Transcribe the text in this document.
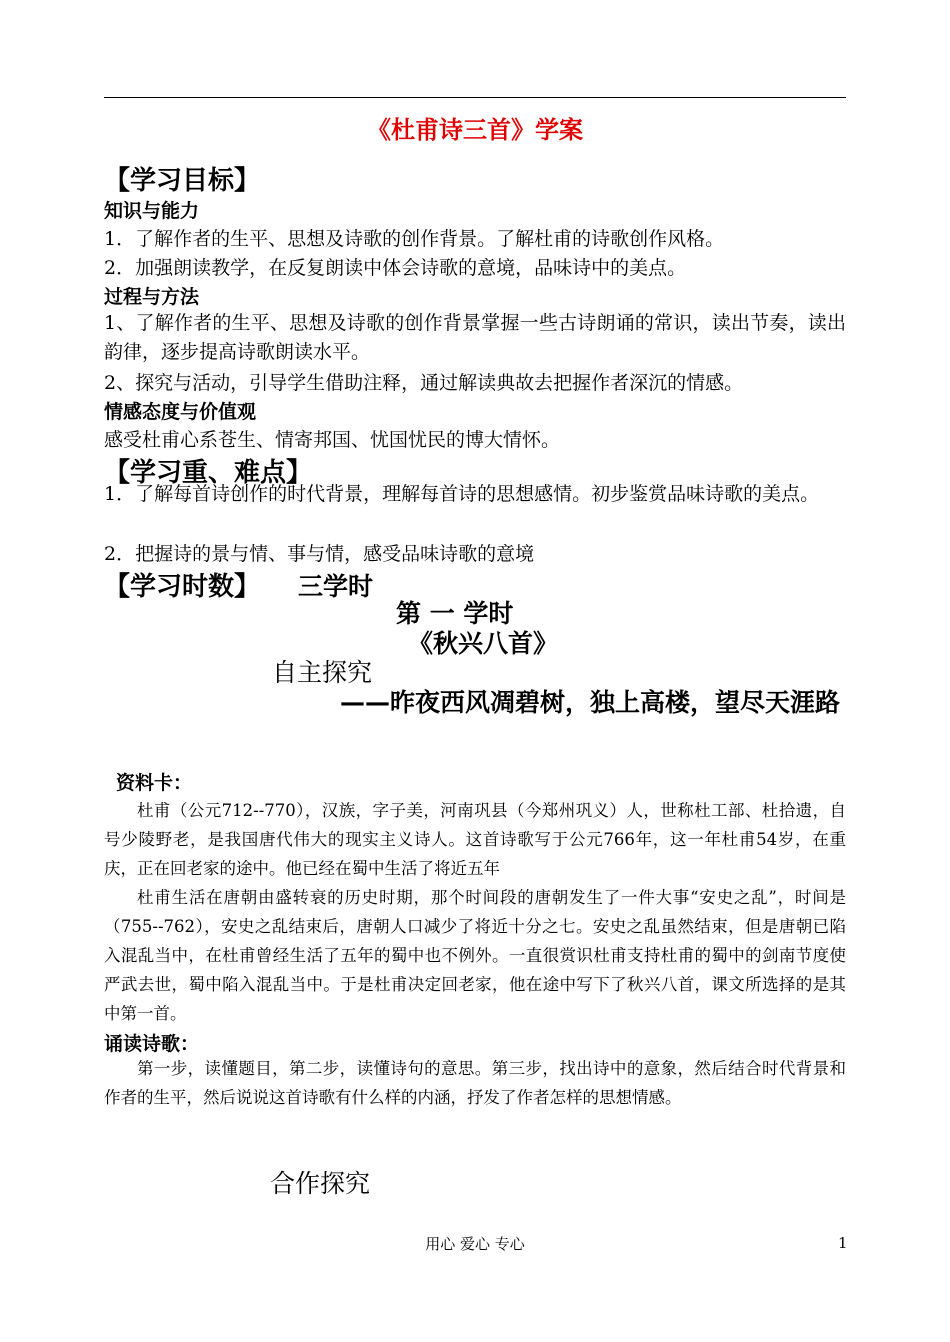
《杜甫诗三首》学案
【学习目标】
知识与能力
1．了解作者的生平、思想及诗歌的创作背景。了解杜甫的诗歌创作风格。
2．加强朗读教学，在反复朗读中体会诗歌的意境，品味诗中的美点。
过程与方法
1、了解作者的生平、思想及诗歌的创作背景掌握一些古诗朗诵的常识，读出节奏，读出韵律，逐步提高诗歌朗读水平。
2、探究与活动，引导学生借助注释，通过解读典故去把握作者深沉的情感。
情感态度与价值观
感受杜甫心系苍生、情寄邦国、忧国忧民的博大情怀。
【学习重、难点】
1．了解每首诗创作的时代背景，理解每首诗的思想感情。初步鉴赏品味诗歌的美点。
2．把握诗的景与情、事与情，感受品味诗歌的意境
【学习时数】 三学时
第 一 学时
《秋兴八首》
自主探究
——昨夜西风凋碧树，独上高楼，望尽天涯路
资料卡：
杜甫（公元712--770），汉族，字子美，河南巩县（今郑州巩义）人，世称杜工部、杜拾遗，自号少陵野老，是我国唐代伟大的现实主义诗人。这首诗歌写于公元766年，这一年杜甫54岁，在重庆，正在回老家的途中。他已经在蜀中生活了将近五年
杜甫生活在唐朝由盛转衰的历史时期，那个时间段的唐朝发生了一件大事“安史之乱”，时间是（755--762），安史之乱结束后，唐朝人口减少了将近十分之七。安史之乱虽然结束，但是唐朝已陷入混乱当中，在杜甫曾经生活了五年的蜀中也不例外。一直很赏识杜甫支持杜甫的蜀中的剑南节度使严武去世，蜀中陷入混乱当中。于是杜甫决定回老家，他在途中写下了秋兴八首，课文所选择的是其中第一首。
诵读诗歌：
第一步，读懂题目，第二步，读懂诗句的意思。第三步，找出诗中的意象，然后结合时代背景和作者的生平，然后说说这首诗歌有什么样的内涵，抒发了作者怎样的思想情感。
合作探究
用心 爱心 专心	1
